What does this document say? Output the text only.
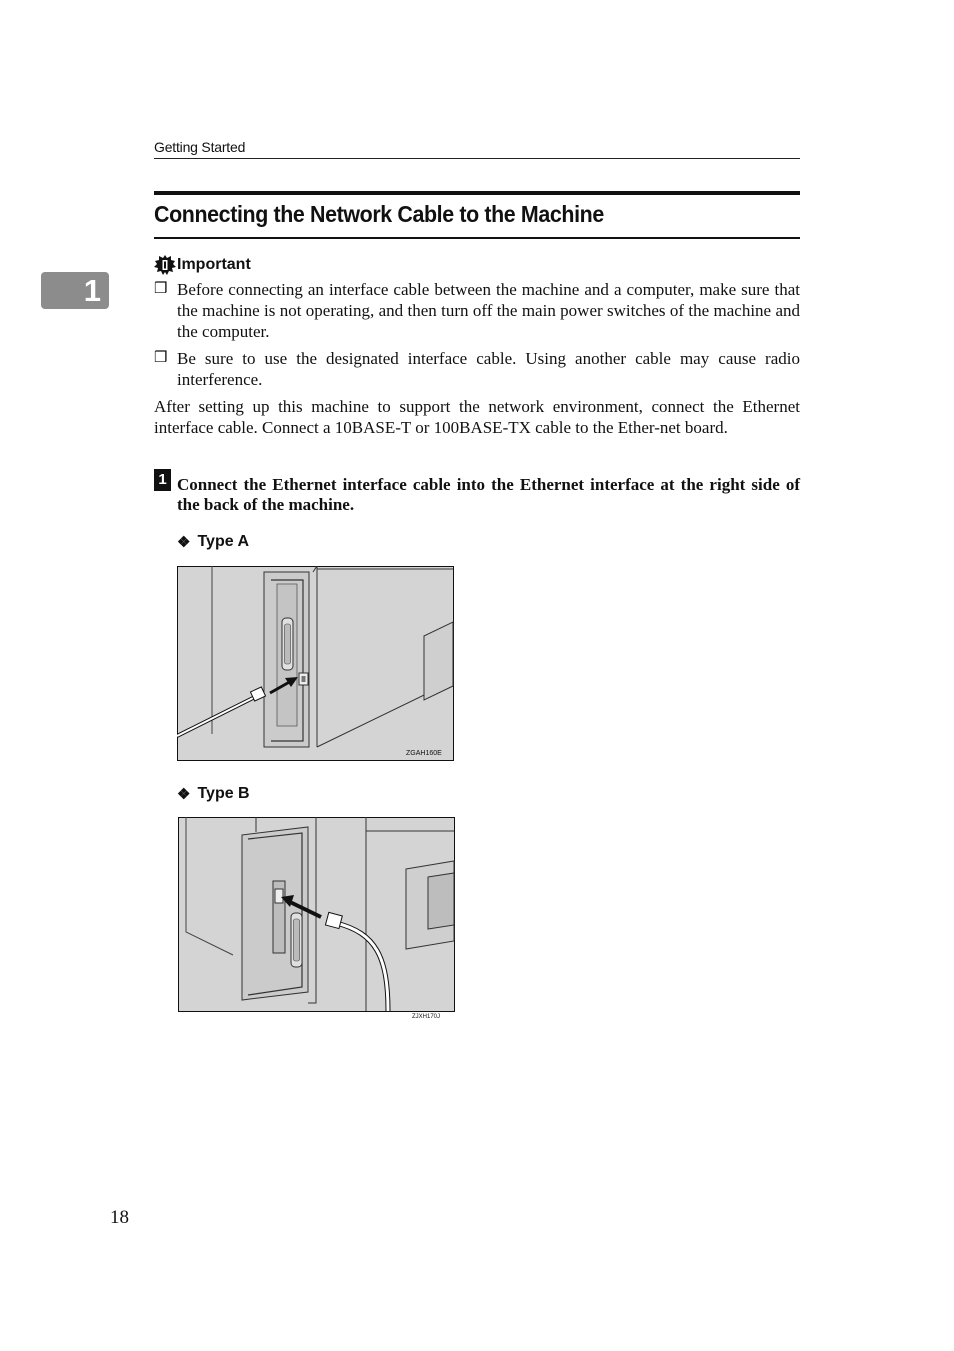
Getting Started
1
Connecting the Network Cable to the Machine
Important
❒ Before connecting an interface cable between the machine and a computer, make sure that the machine is not operating, and then turn off the main power switches of the machine and the computer.
❒ Be sure to use the designated interface cable. Using another cable may cause radio interference.
After setting up this machine to support the network environment, connect the Ethernet interface cable. Connect a 10BASE-T or 100BASE-TX cable to the Ether-net board.
1 Connect the Ethernet interface cable into the Ethernet interface at the right side of the back of the machine.
❖ Type A
ZGAH160E
❖ Type B
ZJXH170J
18
